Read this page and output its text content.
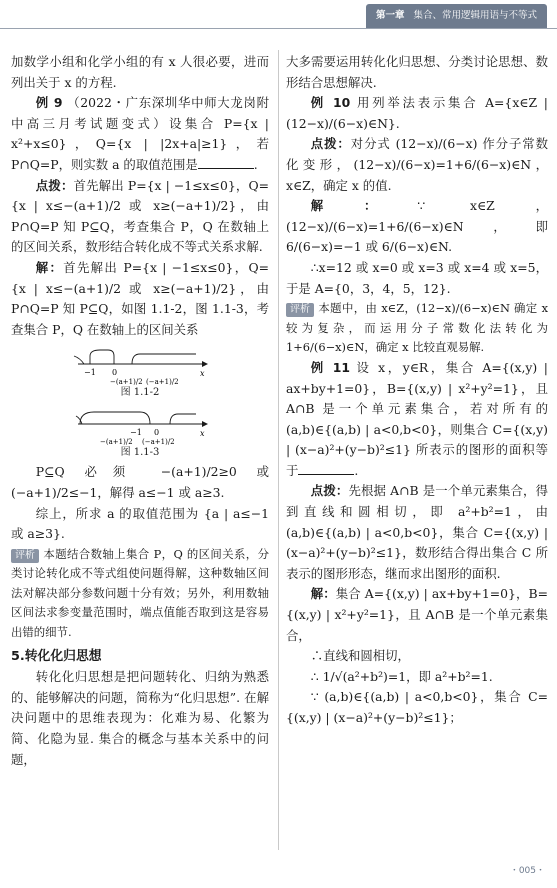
第一章 集合、常用逻辑用语与不等式

加数学小组和化学小组的有 x 人很必要，进而列出关于 x 的方程.

例 9 （2022・广东深圳华中师大龙岗附中高三月考试题变式）设集合 P={x | x²+x≤0}，Q={x | |2x+a|≥1}，若 P∩Q=P，则实数 a 的取值范围是	.

点拨：首先解出 P={x | −1≤x≤0}，Q={x | x≤−(a+1)/2 或 x≥(−a+1)/2}，由 P∩Q=P 知 P⊆Q，考查集合 P，Q 在数轴上的区间关系，数形结合转化成不等式关系求解.

解：首先解出 P={x | −1≤x≤0}，Q={x | x≤−(a+1)/2 或 x≥(−a+1)/2}，由 P∩Q=P 知 P⊆Q，如图 1.1-2，图 1.1-3，考查集合 P，Q 在数轴上的区间关系

−1 0
−(a+1)/2 (−a+1)/2
x
图 1.1-2
−1 0
−(a+1)/2 (−a+1)/2
x
图 1.1-3

P⊆Q 必须 −(a+1)/2≥0 或 (−a+1)/2≤−1，解得 a≤−1 或 a≥3.

综上，所求 a 的取值范围为 {a | a≤−1 或 a≥3}.

评析 本题结合数轴上集合 P，Q 的区间关系，分类讨论转化成不等式组使问题得解，这种数轴区间法对解决部分参数问题十分有效；另外，利用数轴区间法求参变量范围时，端点值能否取到这是容易出错的细节.

5.转化化归思想

转化化归思想是把问题转化、归纳为熟悉的、能够解决的问题，简称为“化归思想”. 在解决问题中的思维表现为：化难为易、化繁为简、化隐为显. 集合的概念与基本关系中的问题，

大多需要运用转化化归思想、分类讨论思想、数形结合思想解决.

例 10 用列举法表示集合 A={x∈Z | (12−x)/(6−x)∈N}.

点拨：对分式 (12−x)/(6−x) 作分子常数化变形，(12−x)/(6−x)=1+6/(6−x)∈N，x∈Z，确定 x 的值.

解：∵ x∈Z，(12−x)/(6−x)=1+6/(6−x)∈N，即 6/(6−x)=−1 或 6/(6−x)∈N.

∴x=12 或 x=0 或 x=3 或 x=4 或 x=5，于是 A={0，3，4，5，12}.

评析 本题中，由 x∈Z，(12−x)/(6−x)∈N 确定 x 较为复杂，而运用分子常数化法转化为 1+6/(6−x)∈N，确定 x 比较直观易解.

例 11 设 x，y∈R，集合 A={(x,y) | ax+by+1=0}，B={(x,y) | x²+y²=1}，且 A∩B 是一个单元素集合，若对所有的 (a,b)∈{(a,b) | a<0,b<0}，则集合 C={(x,y) | (x−a)²+(y−b)²≤1} 所表示的图形的面积等于	.

点拨：先根据 A∩B 是一个单元素集合，得到直线和圆相切，即 a²+b²=1，由 (a,b)∈{(a,b) | a<0,b<0}，集合 C={(x,y) | (x−a)²+(y−b)²≤1}，数形结合得出集合 C 所表示的图形形态，继而求出图形的面积.

解：集合 A={(x,y) | ax+by+1=0}，B={(x,y) | x²+y²=1}，且 A∩B 是一个单元素集合，

∴直线和圆相切，

∴ 1/√(a²+b²)=1，即 a²+b²=1.

∵ (a,b)∈{(a,b) | a<0,b<0}，集合 C={(x,y) | (x−a)²+(y−b)²≤1}；

・005・
